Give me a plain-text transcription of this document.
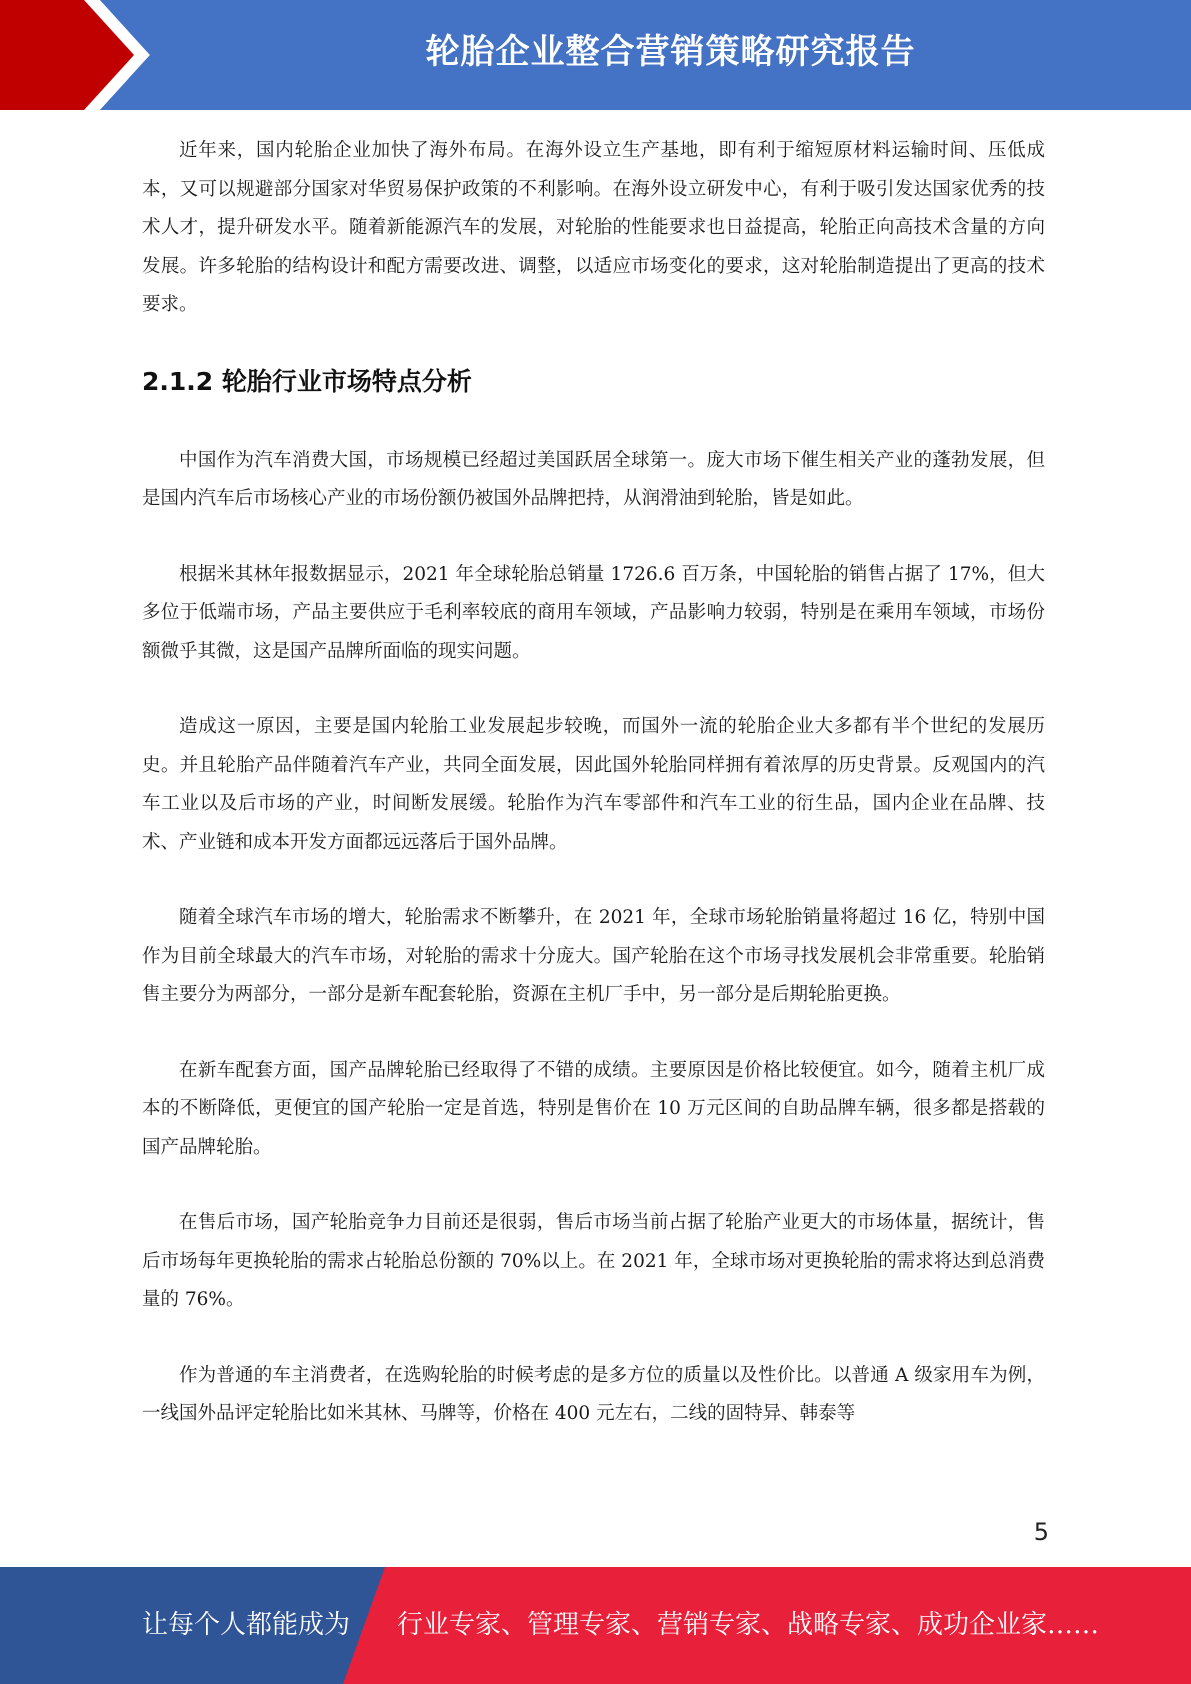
轮胎企业整合营销策略研究报告

近年来，国内轮胎企业加快了海外布局。在海外设立生产基地，即有利于缩短原材料运输时间、压低成本，又可以规避部分国家对华贸易保护政策的不利影响。在海外设立研发中心，有利于吸引发达国家优秀的技术人才，提升研发水平。随着新能源汽车的发展，对轮胎的性能要求也日益提高，轮胎正向高技术含量的方向发展。许多轮胎的结构设计和配方需要改进、调整，以适应市场变化的要求，这对轮胎制造提出了更高的技术要求。

2.1.2 轮胎行业市场特点分析

中国作为汽车消费大国，市场规模已经超过美国跃居全球第一。庞大市场下催生相关产业的蓬勃发展，但是国内汽车后市场核心产业的市场份额仍被国外品牌把持，从润滑油到轮胎，皆是如此。

根据米其林年报数据显示，2021 年全球轮胎总销量 1726.6 百万条，中国轮胎的销售占据了 17%，但大多位于低端市场，产品主要供应于毛利率较底的商用车领域，产品影响力较弱，特别是在乘用车领域，市场份额微乎其微，这是国产品牌所面临的现实问题。

造成这一原因，主要是国内轮胎工业发展起步较晚，而国外一流的轮胎企业大多都有半个世纪的发展历史。并且轮胎产品伴随着汽车产业，共同全面发展，因此国外轮胎同样拥有着浓厚的历史背景。反观国内的汽车工业以及后市场的产业，时间断发展缓。轮胎作为汽车零部件和汽车工业的衍生品，国内企业在品牌、技术、产业链和成本开发方面都远远落后于国外品牌。

随着全球汽车市场的增大，轮胎需求不断攀升，在 2021 年，全球市场轮胎销量将超过 16 亿，特别中国作为目前全球最大的汽车市场，对轮胎的需求十分庞大。国产轮胎在这个市场寻找发展机会非常重要。轮胎销售主要分为两部分，一部分是新车配套轮胎，资源在主机厂手中，另一部分是后期轮胎更换。

在新车配套方面，国产品牌轮胎已经取得了不错的成绩。主要原因是价格比较便宜。如今，随着主机厂成本的不断降低，更便宜的国产轮胎一定是首选，特别是售价在 10 万元区间的自助品牌车辆，很多都是搭载的国产品牌轮胎。

在售后市场，国产轮胎竞争力目前还是很弱，售后市场当前占据了轮胎产业更大的市场体量，据统计，售后市场每年更换轮胎的需求占轮胎总份额的 70%以上。在 2021 年，全球市场对更换轮胎的需求将达到总消费量的 76%。

作为普通的车主消费者，在选购轮胎的时候考虑的是多方位的质量以及性价比。以普通 A 级家用车为例，一线国外品评定轮胎比如米其林、马牌等，价格在 400 元左右，二线的固特异、韩泰等

5
让每个人都能成为 行业专家、管理专家、营销专家、战略专家、成功企业家……
